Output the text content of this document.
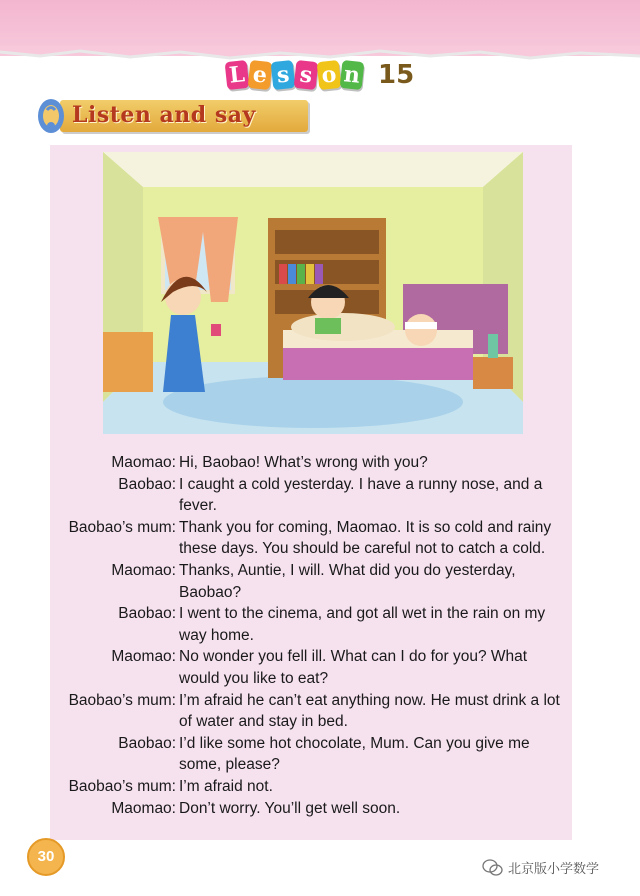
L e s s o n 15
Listen and say
Maomao: Hi, Baobao! What’s wrong with you?
Baobao: I caught a cold yesterday. I have a runny nose, and a fever.
Baobao’s mum: Thank you for coming, Maomao. It is so cold and rainy these days. You should be careful not to catch a cold.
Maomao: Thanks, Auntie, I will. What did you do yesterday, Baobao?
Baobao: I went to the cinema, and got all wet in the rain on my way home.
Maomao: No wonder you fell ill. What can I do for you? What would you like to eat?
Baobao’s mum: I’m afraid he can’t eat anything now. He must drink a lot of water and stay in bed.
Baobao: I’d like some hot chocolate, Mum. Can you give me some, please?
Baobao’s mum: I’m afraid not.
Maomao: Don’t worry. You’ll get well soon.
30
北京版小学数学
